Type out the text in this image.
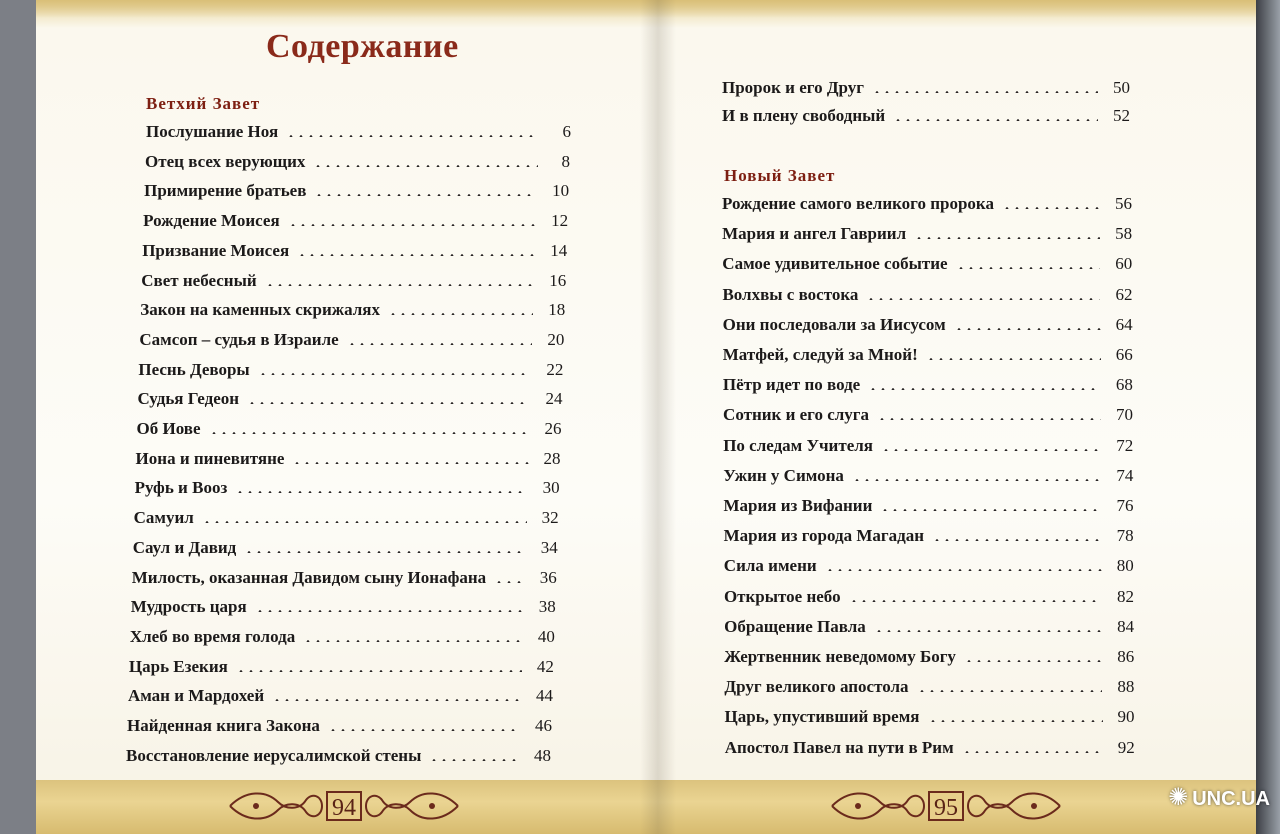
Содержание
Ветхий Завет
Послушание Ноя	6
Отец всех верующих	8
Примирение братьев	10
Рождение Моисея	12
Призвание Моисея	14
Свет небесный	16
Закон на каменных скрижалях	18
Самсоп – судья в Израиле	20
Песнь Деворы	22
Судья Гедеон	24
Об Иове	26
Иона и пиневитяне	28
Руфь и Вооз	30
Самуил	32
Саул и Давид	34
Милость, оказанная Давидом сыну Ионафана	36
Мудрость царя	38
Хлеб во время голода	40
Царь Езекия	42
Аман и Мардохей	44
Найденная книга Закона	46
Восстановление иерусалимской стены	48
94
Пророк и его Друг	50
И в плену свободный	52
Новый Завет
Рождение самого великого пророка	56
Мария и ангел Гавриил	58
Самое удивительное событие	60
Волхвы с востока	62
Они последовали за Иисусом	64
Матфей, следуй за Мной!	66
Пётр идет по воде	68
Сотник и его слуга	70
По следам Учителя	72
Ужин у Симона	74
Мария из Вифании	76
Мария из города Магадан	78
Сила имени	80
Открытое небо	82
Обращение Павла	84
Жертвенник неведомому Богу	86
Друг великого апостола	88
Царь, упустивший время	90
Апостол Павел на пути в Рим	92
95	✺ UNC.UA
